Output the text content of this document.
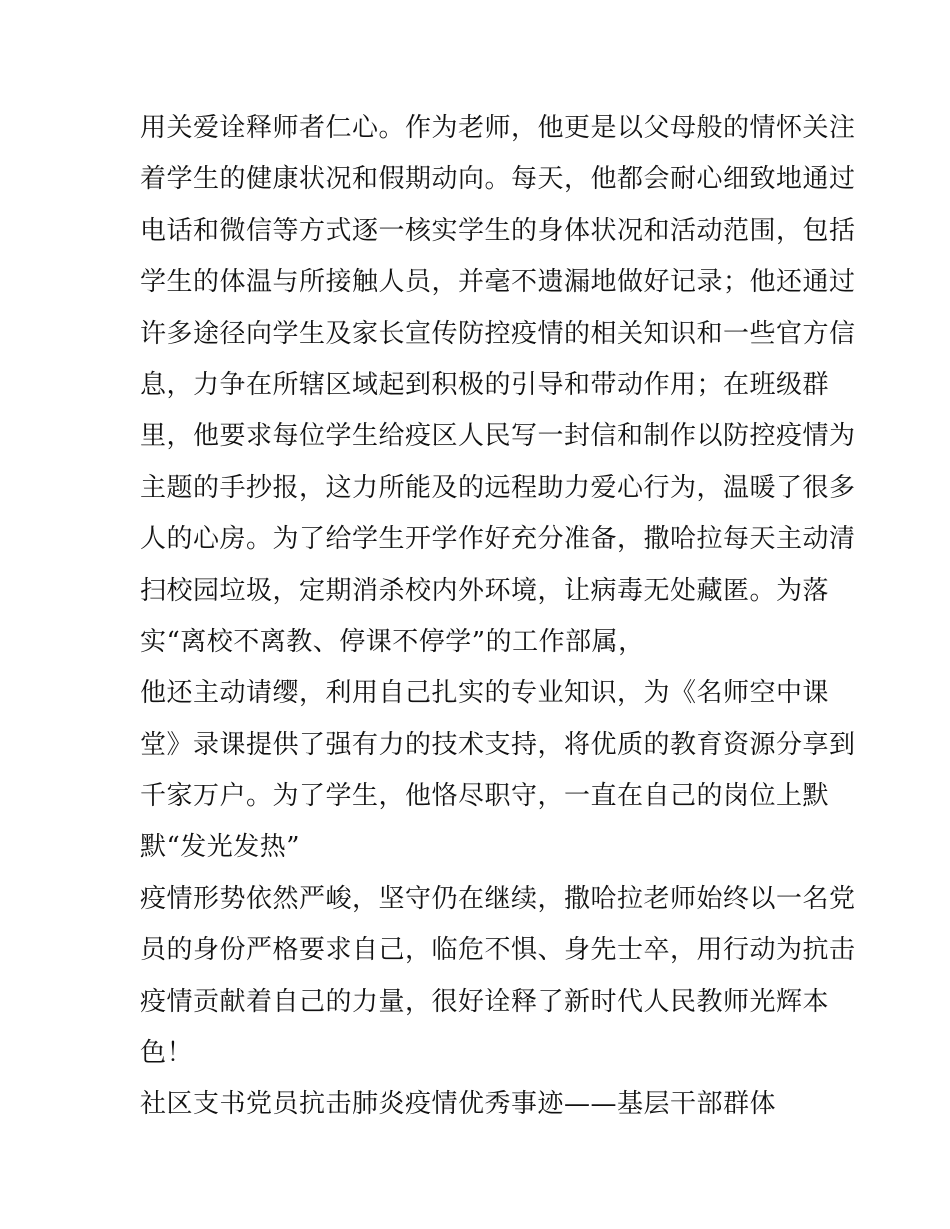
用关爱诠释师者仁心。作为老师，他更是以父母般的情怀关注
着学生的健康状况和假期动向。每天，他都会耐心细致地通过
电话和微信等方式逐一核实学生的身体状况和活动范围，包括
学生的体温与所接触人员，并毫不遗漏地做好记录；他还通过
许多途径向学生及家长宣传防控疫情的相关知识和一些官方信
息，力争在所辖区域起到积极的引导和带动作用；在班级群
里，他要求每位学生给疫区人民写一封信和制作以防控疫情为
主题的手抄报，这力所能及的远程助力爱心行为，温暖了很多
人的心房。为了给学生开学作好充分准备，撒哈拉每天主动清
扫校园垃圾，定期消杀校内外环境，让病毒无处藏匿。为落
实“离校不离教、停课不停学”的工作部属，
他还主动请缨，利用自己扎实的专业知识，为《名师空中课
堂》录课提供了强有力的技术支持，将优质的教育资源分享到
千家万户。为了学生，他恪尽职守，一直在自己的岗位上默
默“发光发热”
疫情形势依然严峻，坚守仍在继续，撒哈拉老师始终以一名党
员的身份严格要求自己，临危不惧、身先士卒，用行动为抗击
疫情贡献着自己的力量，很好诠释了新时代人民教师光辉本
色！
社区支书党员抗击肺炎疫情优秀事迹——基层干部群体
